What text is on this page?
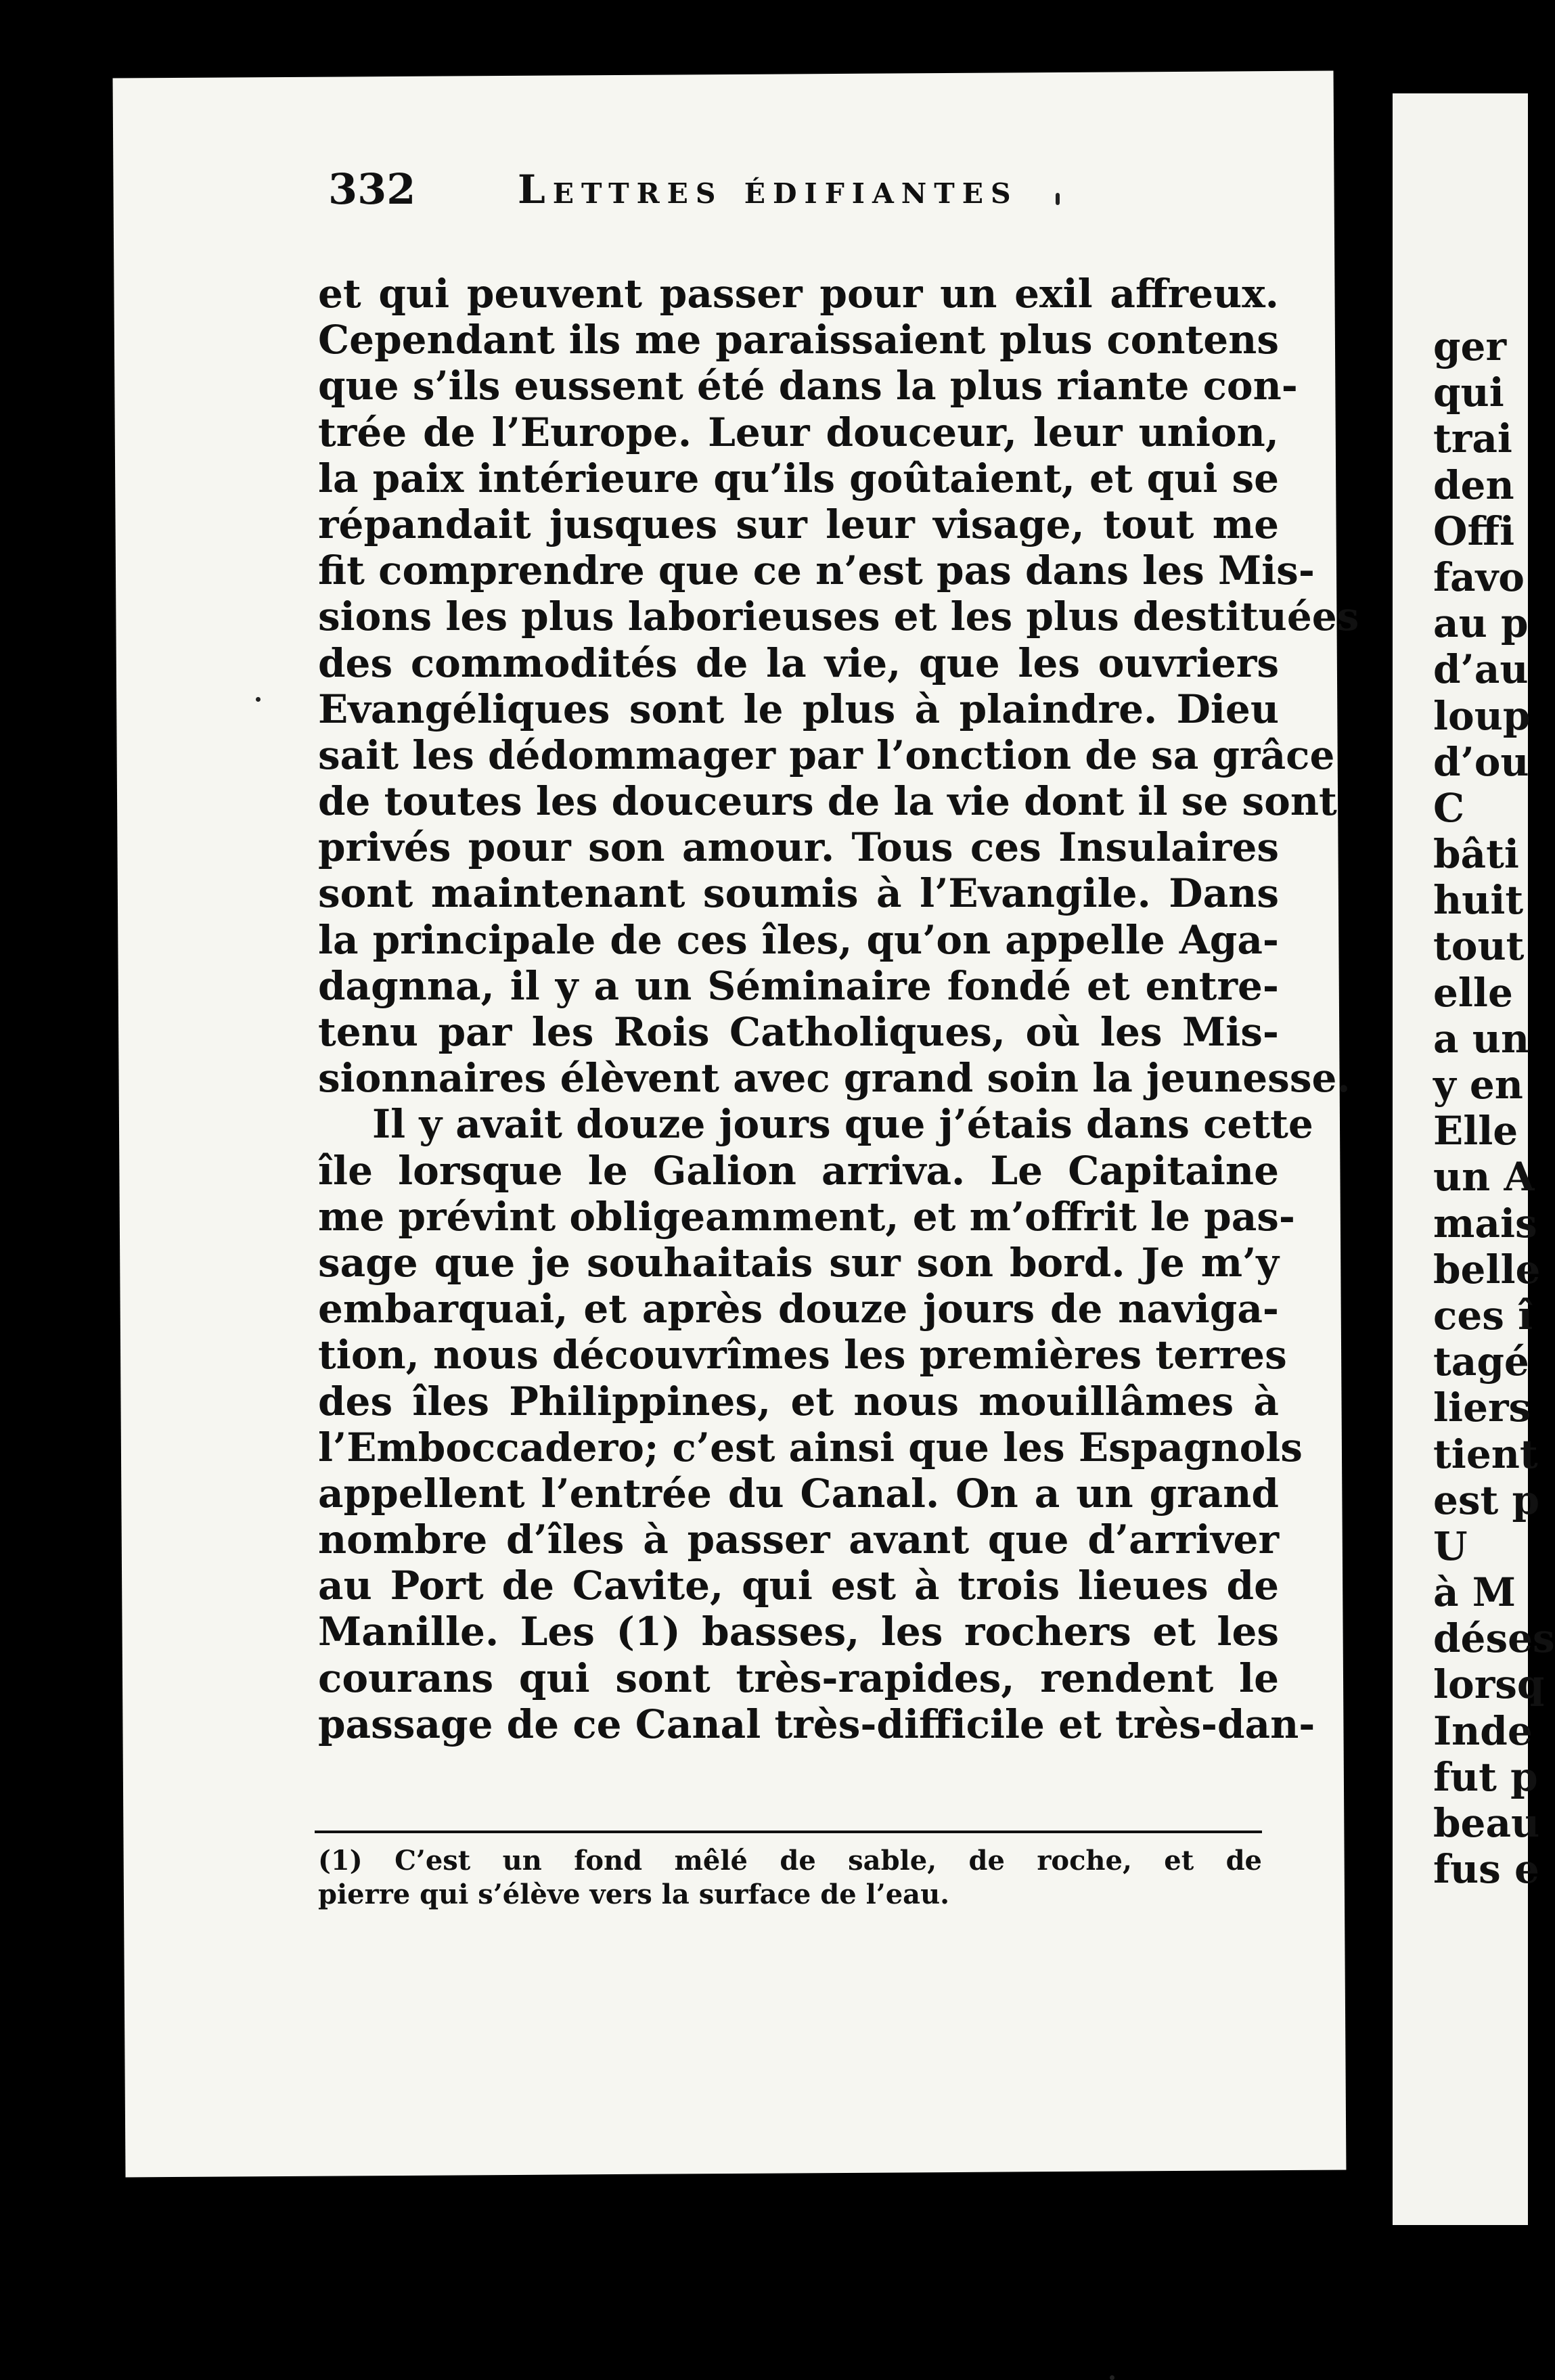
ger
qui
trai
den
Offi
favo
au p
d’au
loup
d’ou
C
bâti
huit
tout
elle
a un
y en
Elle
un A
mais
belle
ces î
tagé
liers
tient
est p
U
à M
déses
lorsq
Inde
fut p
beau
fus e
332	Lettres édifiantes
et qui peuvent passer pour un exil affreux.
Cependant ils me paraissaient plus contens
que s’ils eussent été dans la plus riante con-
trée de l’Europe. Leur douceur, leur union,
la paix intérieure qu’ils goûtaient, et qui se
répandait jusques sur leur visage, tout me
fit comprendre que ce n’est pas dans les Mis-
sions les plus laborieuses et les plus destituées
des commodités de la vie, que les ouvriers
Evangéliques sont le plus à plaindre. Dieu
sait les dédommager par l’onction de sa grâce
de toutes les douceurs de la vie dont il se sont
privés pour son amour. Tous ces Insulaires
sont maintenant soumis à l’Evangile. Dans
la principale de ces îles, qu’on appelle Aga-
dagnna, il y a un Séminaire fondé et entre-
tenu par les Rois Catholiques, où les Mis-
sionnaires élèvent avec grand soin la jeunesse.
Il y avait douze jours que j’étais dans cette
île lorsque le Galion arriva. Le Capitaine
me prévint obligeamment, et m’offrit le pas-
sage que je souhaitais sur son bord. Je m’y
embarquai, et après douze jours de naviga-
tion, nous découvrîmes les premières terres
des îles Philippines, et nous mouillâmes à
l’Emboccadero; c’est ainsi que les Espagnols
appellent l’entrée du Canal. On a un grand
nombre d’îles à passer avant que d’arriver
au Port de Cavite, qui est à trois lieues de
Manille. Les (1) basses, les rochers et les
courans qui sont très-rapides, rendent le
passage de ce Canal très-difficile et très-dan-
(1) C’est un fond mêlé de sable, de roche, et de
pierre qui s’élève vers la surface de l’eau.
